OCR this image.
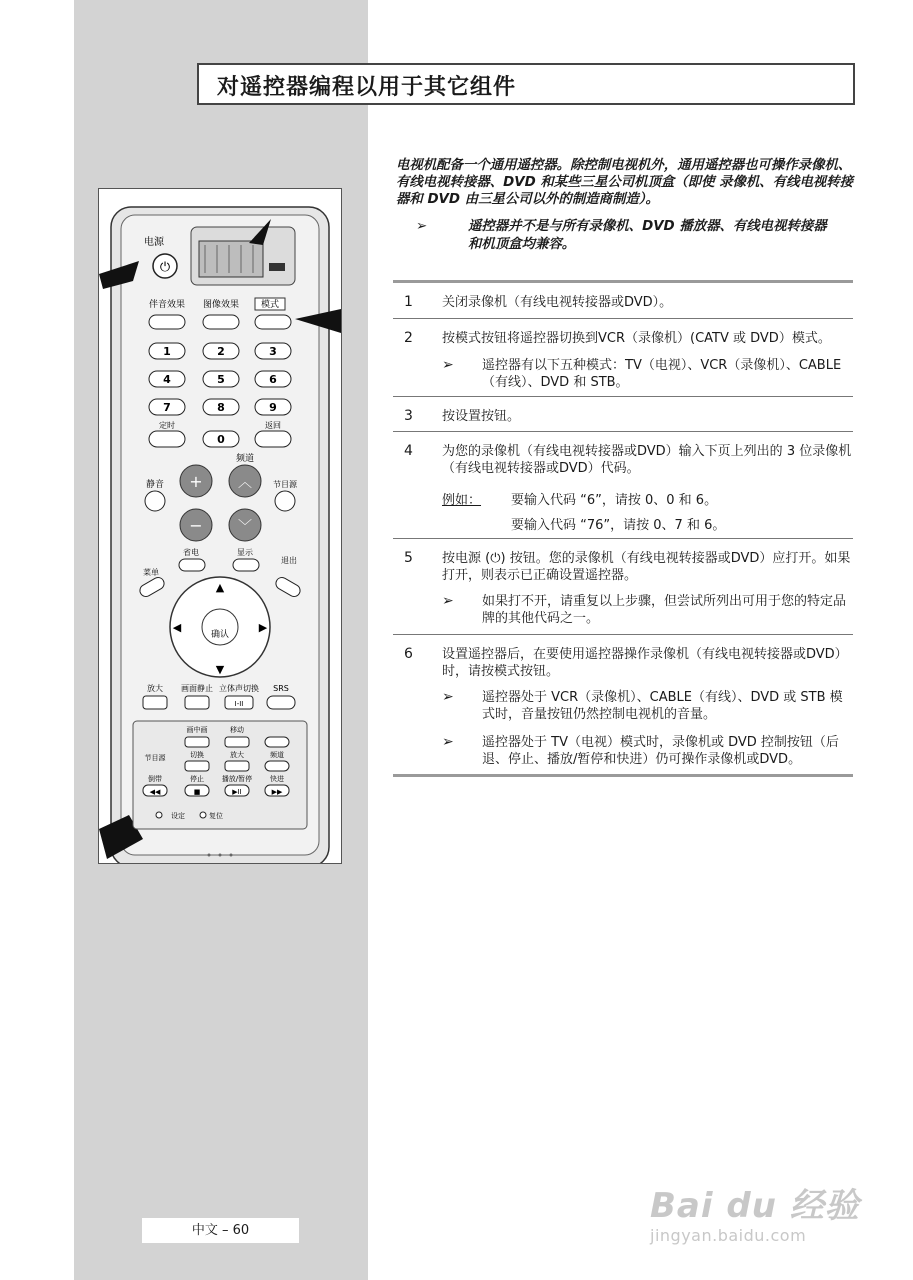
对遥控器编程以用于其它组件
电源
⏻
伴音效果 图像效果 模式
1	2	3
4	5	6
7	8	9
0
定时	返回
频道
静音	节目源
+
−
︿
﹀
省电	显示
菜单
退出
确认
▲
▼
◀	▶
放大 画面静止 立体声切换 SRS
I-II
画中画	移动
节目源	切换	放大	频道
倒带	停止	播放/暂停	快进
◀◀	■	▶II	▶▶
设定	复位
电视机配备一个通用遥控器。除控制电视机外，通用遥控器也可操作录像机、有线电视转接器、DVD 和某些三星公司机顶盒（即使 录像机、有线电视转接器和 DVD 由三星公司以外的制造商制造）。
➢	遥控器并不是与所有录像机、DVD 播放器、有线电视转接器和机顶盒均兼容。
1 关闭录像机（有线电视转接器或DVD）。
2 按模式按钮将遥控器切换到VCR（录像机）(CATV 或 DVD）模式。
➢ 遥控器有以下五种模式：TV（电视）、VCR（录像机）、CABLE（有线）、DVD 和 STB。
3 按设置按钮。
4 为您的录像机（有线电视转接器或DVD）输入下页上列出的 3 位录像机（有线电视转接器或DVD）代码。
例如： 要输入代码 “6”，请按 0、0 和 6。
要输入代码 “76”，请按 0、7 和 6。
5 按电源 (⏻) 按钮。您的录像机（有线电视转接器或DVD）应打开。如果打开，则表示已正确设置遥控器。
➢ 如果打不开，请重复以上步骤，但尝试所列出可用于您的特定品牌的其他代码之一。
6 设置遥控器后，在要使用遥控器操作录像机（有线电视转接器或DVD）时，请按模式按钮。
➢ 遥控器处于 VCR（录像机）、CABLE（有线）、DVD 或 STB 模式时，音量按钮仍然控制电视机的音量。
➢ 遥控器处于 TV（电视）模式时，录像机或 DVD 控制按钮（后退、停止、播放/暂停和快进）仍可操作录像机或DVD。
中文 – 60
Bai du 经验
jingyan.baidu.com
